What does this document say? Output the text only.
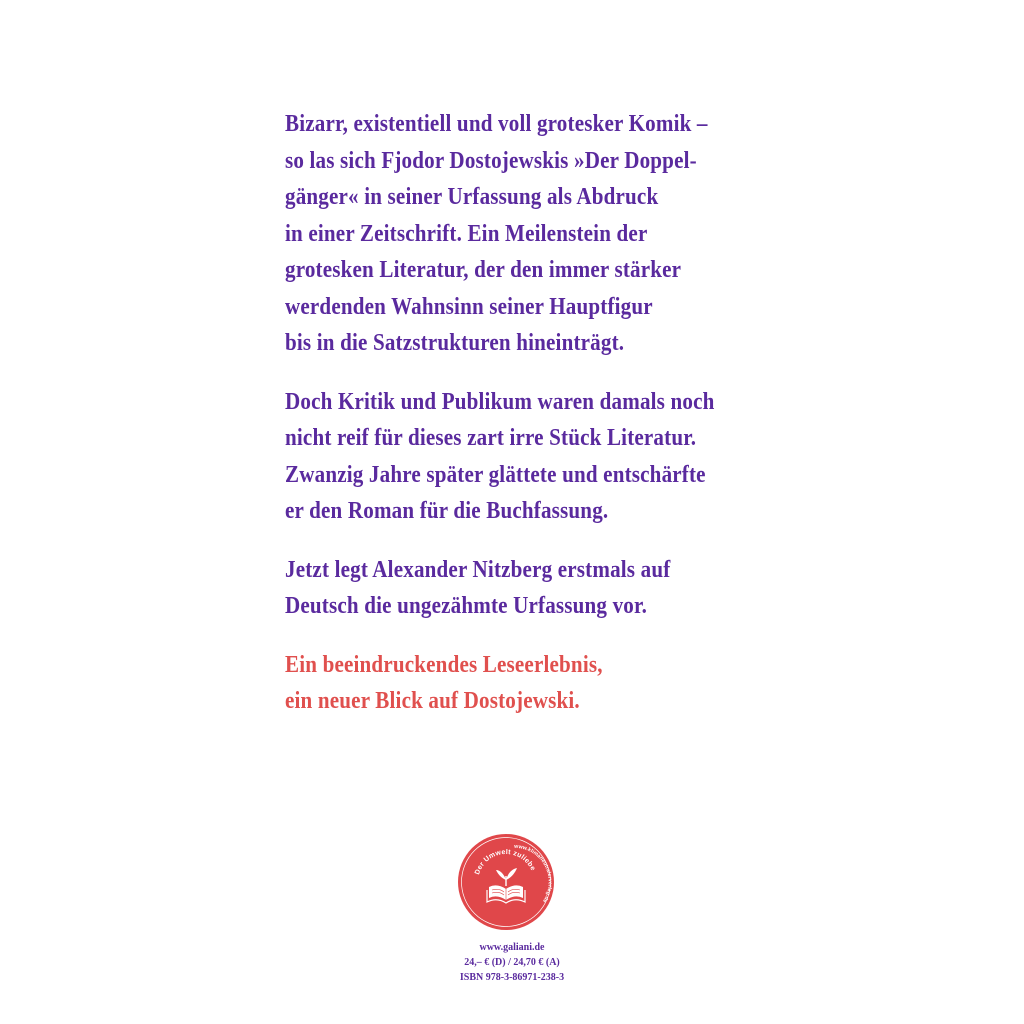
Bizarr, existentiell und voll grotesker Komik –
so las sich Fjodor Dostojewskis »Der Doppel-
gänger« in seiner Urfassung als Abdruck
in einer Zeitschrift. Ein Meilenstein der
grotesken Literatur, der den immer stärker
werdenden Wahnsinn seiner Hauptfigur
bis in die Satzstrukturen hineinträgt.
Doch Kritik und Publikum waren damals noch
nicht reif für dieses zart irre Stück Literatur.
Zwanzig Jahre später glättete und entschärfte
er den Roman für die Buchfassung.
Jetzt legt Alexander Nitzberg erstmals auf
Deutsch die ungezähmte Urfassung vor.
Ein beeindruckendes Leseerlebnis,
ein neuer Blick auf Dostojewski.
Der Umwelt zuliebe
www.klimaneutralerverlag.de
www.galiani.de
24,– € (D) / 24,70 € (A)
ISBN 978-3-86971-238-3
